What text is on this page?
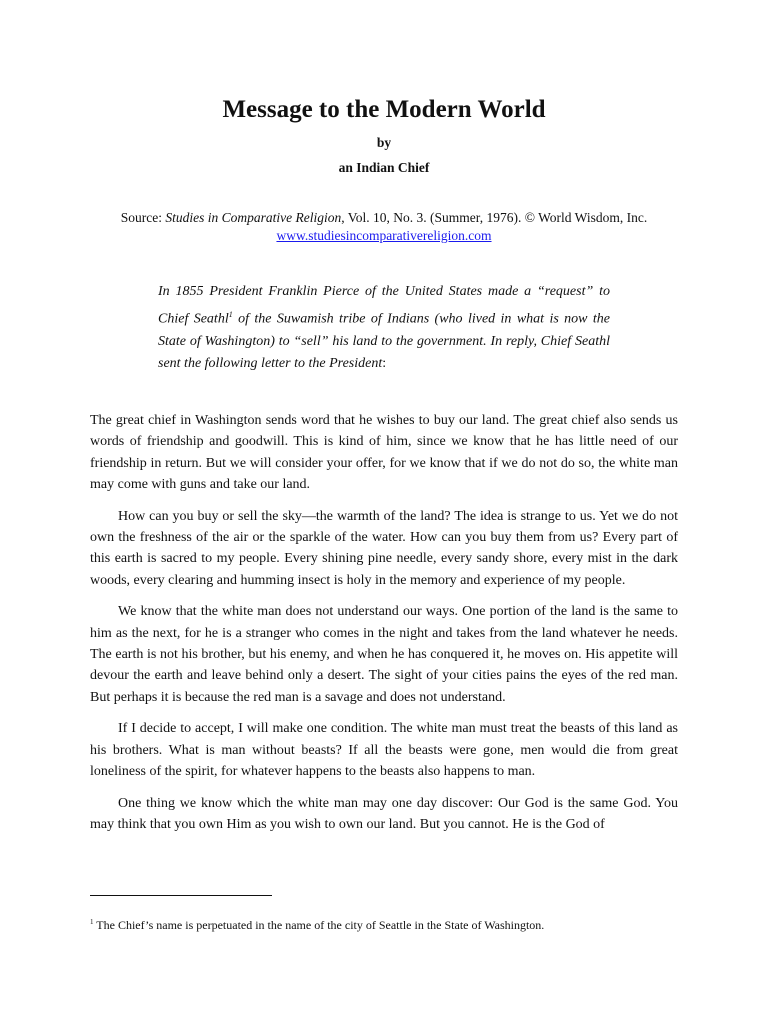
Message to the Modern World
by
an Indian Chief
Source: Studies in Comparative Religion, Vol. 10, No. 3. (Summer, 1976). © World Wisdom, Inc.
www.studiesincomparativereligion.com

In 1855 President Franklin Pierce of the United States made a “request” to Chief Seathl$^1$ of the Suwamish tribe of Indians (who lived in what is now the State of Washington) to “sell” his land to the government. In reply, Chief Seathl sent the following letter to the President:

The great chief in Washington sends word that he wishes to buy our land. The great chief also sends us words of friendship and goodwill. This is kind of him, since we know that he has little need of our friendship in return. But we will consider your offer, for we know that if we do not do so, the white man may come with guns and take our land.

How can you buy or sell the sky—the warmth of the land? The idea is strange to us. Yet we do not own the freshness of the air or the sparkle of the water. How can you buy them from us? Every part of this earth is sacred to my people. Every shining pine needle, every sandy shore, every mist in the dark woods, every clearing and humming insect is holy in the memory and experience of my people.

We know that the white man does not understand our ways. One portion of the land is the same to him as the next, for he is a stranger who comes in the night and takes from the land whatever he needs. The earth is not his brother, but his enemy, and when he has conquered it, he moves on. His appetite will devour the earth and leave behind only a desert. The sight of your cities pains the eyes of the red man. But perhaps it is because the red man is a savage and does not understand.

If I decide to accept, I will make one condition. The white man must treat the beasts of this land as his brothers. What is man without beasts? If all the beasts were gone, men would die from great loneliness of the spirit, for whatever happens to the beasts also happens to man.

One thing we know which the white man may one day discover: Our God is the same God. You may think that you own Him as you wish to own our land. But you cannot. He is the God of

$^1$ The Chief’s name is perpetuated in the name of the city of Seattle in the State of Washington.
